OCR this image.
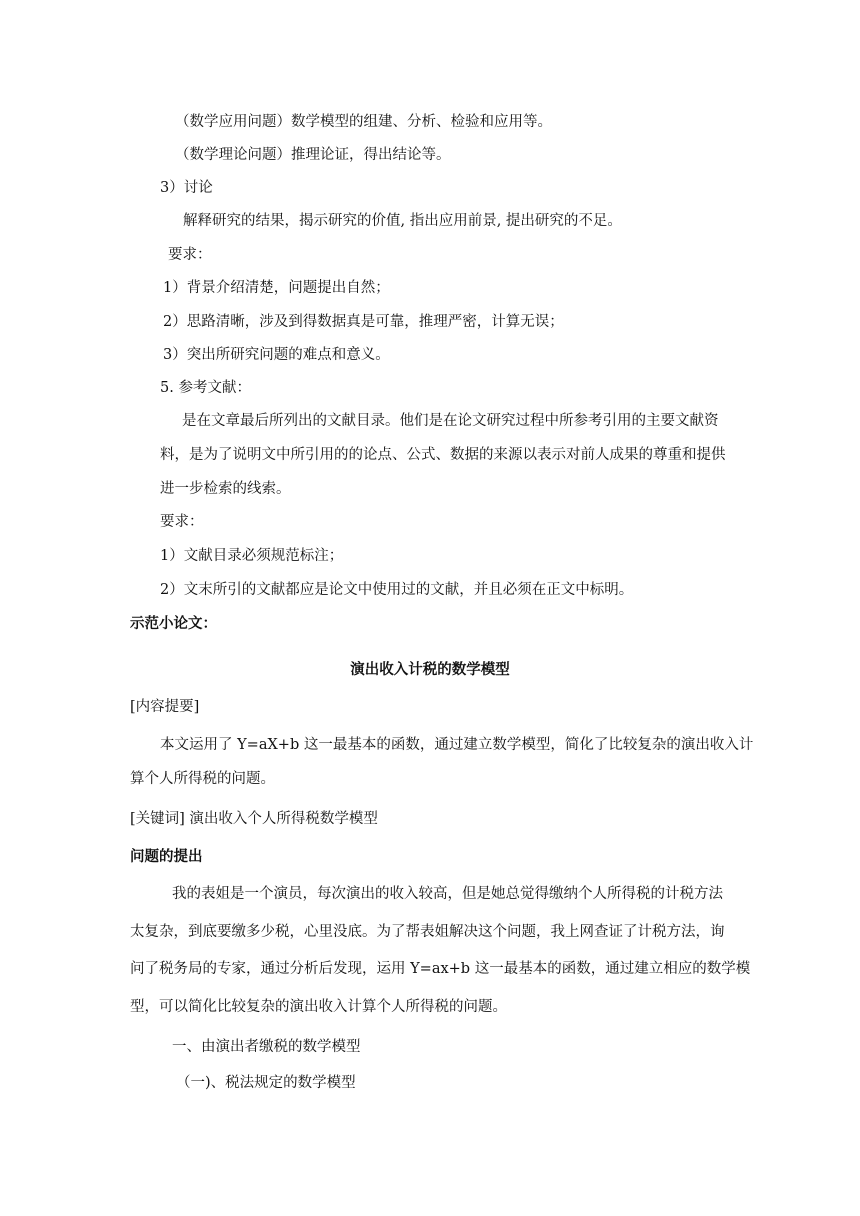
（数学应用问题）数学模型的组建、分析、检验和应用等。
（数学理论问题）推理论证，得出结论等。
3）讨论
解释研究的结果，揭示研究的价值, 指出应用前景, 提出研究的不足。
要求：
1）背景介绍清楚，问题提出自然；
2）思路清晰，涉及到得数据真是可靠，推理严密，计算无误；
3）突出所研究问题的难点和意义。
5. 参考文献：
是在文章最后所列出的文献目录。他们是在论文研究过程中所参考引用的主要文献资
料，是为了说明文中所引用的的论点、公式、数据的来源以表示对前人成果的尊重和提供
进一步检索的线索。
要求：
1）文献目录必须规范标注；
2）文末所引的文献都应是论文中使用过的文献，并且必须在正文中标明。
示范小论文：
演出收入计税的数学模型
[内容提要]
本文运用了 Y=aX+b 这一最基本的函数，通过建立数学模型，简化了比较复杂的演出收入计
算个人所得税的问题。
[关键词] 演出收入个人所得税数学模型
问题的提出
我的表姐是一个演员，每次演出的收入较高，但是她总觉得缴纳个人所得税的计税方法
太复杂，到底要缴多少税，心里没底。为了帮表姐解决这个问题，我上网查证了计税方法，询
问了税务局的专家，通过分析后发现，运用 Y=ax+b 这一最基本的函数，通过建立相应的数学模
型，可以简化比较复杂的演出收入计算个人所得税的问题。
一、由演出者缴税的数学模型
（一)、税法规定的数学模型
